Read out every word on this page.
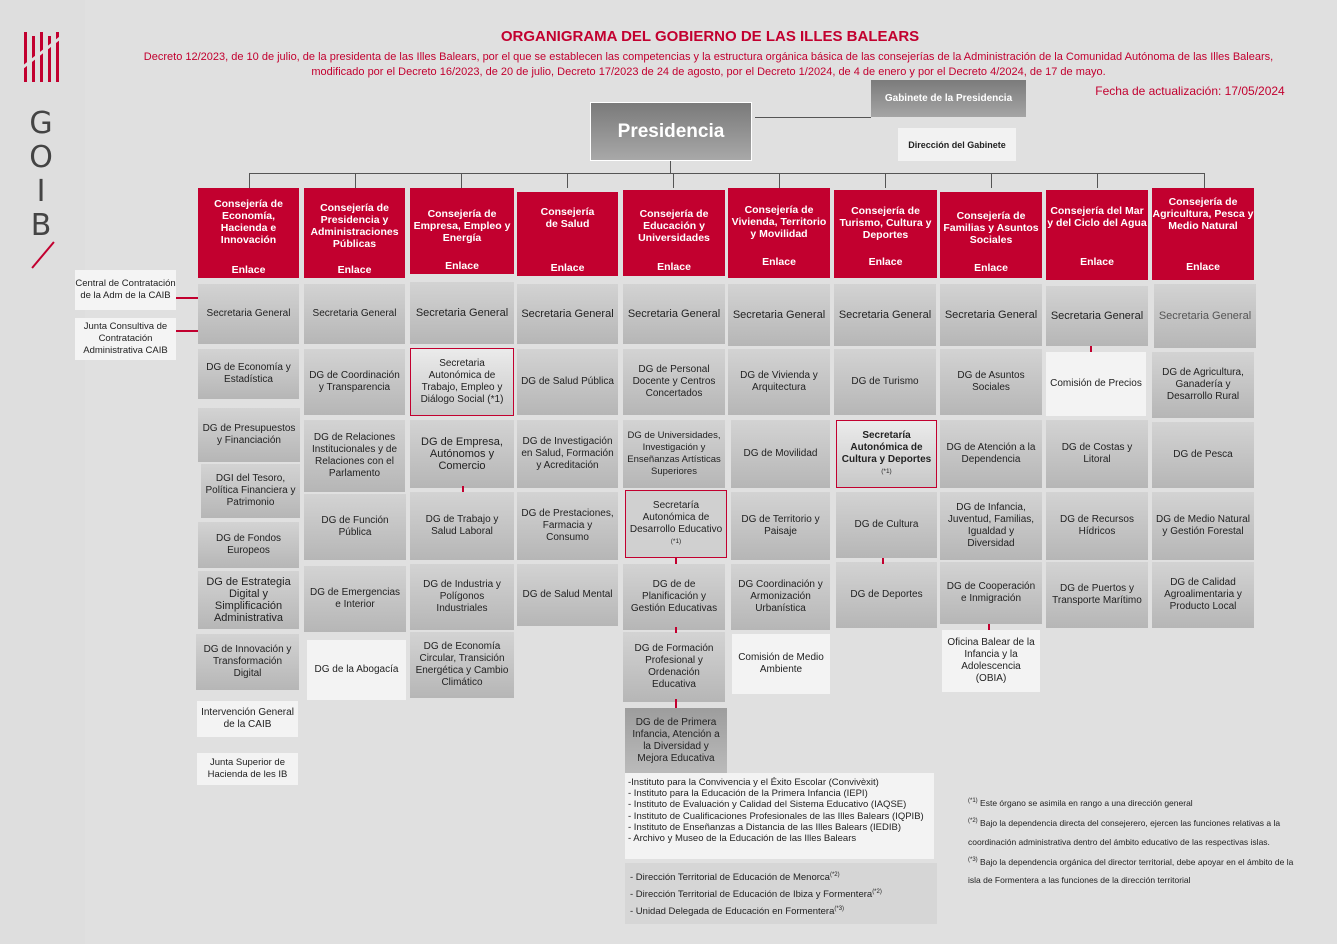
G
O
I
B
ORGANIGRAMA DEL GOBIERNO DE LAS ILLES BALEARS
Decreto 12/2023, de 10 de julio, de la presidenta de las Illes Balears, por el que se establecen las competencias y la estructura orgánica básica de las consejerías de la Administración de la Comunidad Autónoma de las Illes Balears,
modificado por el Decreto 16/2023, de 20 de julio, Decreto 17/2023 de 24 de agosto, por el Decreto 1/2024, de 4 de enero y por el Decreto 4/2024, de 17 de mayo.
Fecha de actualización: 17/05/2024
Presidencia
Gabinete de la Presidencia
Dirección del Gabinete
Central de Contratación de la Adm de la CAIB
Junta Consultiva de Contratación Administrativa CAIB
Consejería de Economía, Hacienda e Innovación
Enlace
Consejería de Presidencia y Administraciones Públicas
Enlace
Consejería de Empresa, Empleo y Energía
Enlace
Consejería de Salud
Enlace
Consejería de Educación y Universidades
Enlace
Consejería de Vivienda, Territorio y Movilidad
Enlace
Consejería de Turismo, Cultura y Deportes
Enlace
Consejería de Familias y Asuntos Sociales
Enlace
Consejería del Mar y del Ciclo del Agua
Enlace
Consejería de Agricultura, Pesca y Medio Natural
Enlace
Secretaria General
DG de Economía y Estadística
DG de Presupuestos y Financiación
DGI del Tesoro, Política Financiera y Patrimonio
DG de Fondos Europeos
DG de Estrategia Digital y Simplificación Administrativa
DG de Innovación y Transformación Digital
Intervención General de la CAIB
Junta Superior de Hacienda de les IB
Secretaria General
DG de Coordinación y Transparencia
DG de Relaciones Institucionales y de Relaciones con el Parlamento
DG de Función Pública
DG de Emergencias e Interior
DG de la Abogacía
Secretaria General
Secretaria Autonómica de Trabajo, Empleo y Diálogo Social (*1)
DG de Empresa, Autónomos y Comercio
DG de Trabajo y Salud Laboral
DG de Industria y Polígonos Industriales
DG de Economía Circular, Transición Energética y Cambio Climático
Secretaria General
DG de Salud Pública
DG de Investigación en Salud, Formación y Acreditación
DG de Prestaciones, Farmacia y Consumo
DG de Salud Mental
Secretaria General
DG de Personal Docente y Centros Concertados
DG de Universidades, Investigación y Enseñanzas Artísticas Superiores
Secretaría Autonómica de Desarrollo Educativo
(*1)
DG de de Planificación y Gestión Educativas
DG de Formación Profesional y Ordenación Educativa
DG de de Primera Infancia, Atención a la Diversidad y Mejora Educativa
-Instituto para la Convivencia y el Éxito Escolar (Convivèxit)
- Instituto para la Educación de la Primera Infancia (IEPI)
- Instituto de Evaluación y Calidad del Sistema Educativo (IAQSE)
- Instituto de Cualificaciones Profesionales de las Illes Balears (IQPIB)
- Instituto de Enseñanzas a Distancia de las Illes Balears (IEDIB)
- Archivo y Museo de la Educación de las Illes Balears
- Dirección Territorial de Educación de Menorca$^{(*2)}$
- Dirección Territorial de Educación de Ibiza y Formentera$^{(*2)}$
- Unidad Delegada de Educación en Formentera$^{(*3)}$
Secretaria General
DG de Vivienda y Arquitectura
DG de Movilidad
DG de Territorio y Paisaje
DG Coordinación y Armonización Urbanística
Comisión de Medio Ambiente
Secretaria General
DG de Turismo
Secretaría Autonómica de Cultura y Deportes
(*1)
DG de Cultura
DG de Deportes
Secretaria General
DG de Asuntos Sociales
DG de Atención a la Dependencia
DG de Infancia, Juventud, Familias, Igualdad y Diversidad
DG de Cooperación e Inmigración
Oficina Balear de la Infancia y la Adolescencia (OBIA)
Secretaria General
Comisión de Precios
DG de Costas y Litoral
DG de Recursos Hídricos
DG de Puertos y Transporte Marítimo
Secretaria General
DG de Agricultura, Ganadería y Desarrollo Rural
DG de Pesca
DG de Medio Natural y Gestión Forestal
DG de Calidad Agroalimentaria y Producto Local
$^{(*1)}$ Este órgano se asimila en rango a una dirección general
$^{(*2)}$ Bajo la dependencia directa del consejerero, ejercen las funciones relativas a la coordinación administrativa dentro del ámbito educativo de las respectivas islas.
$^{(*3)}$ Bajo la dependencia orgánica del director territorial, debe apoyar en el ámbito de la isla de Formentera a las funciones de la dirección territorial
